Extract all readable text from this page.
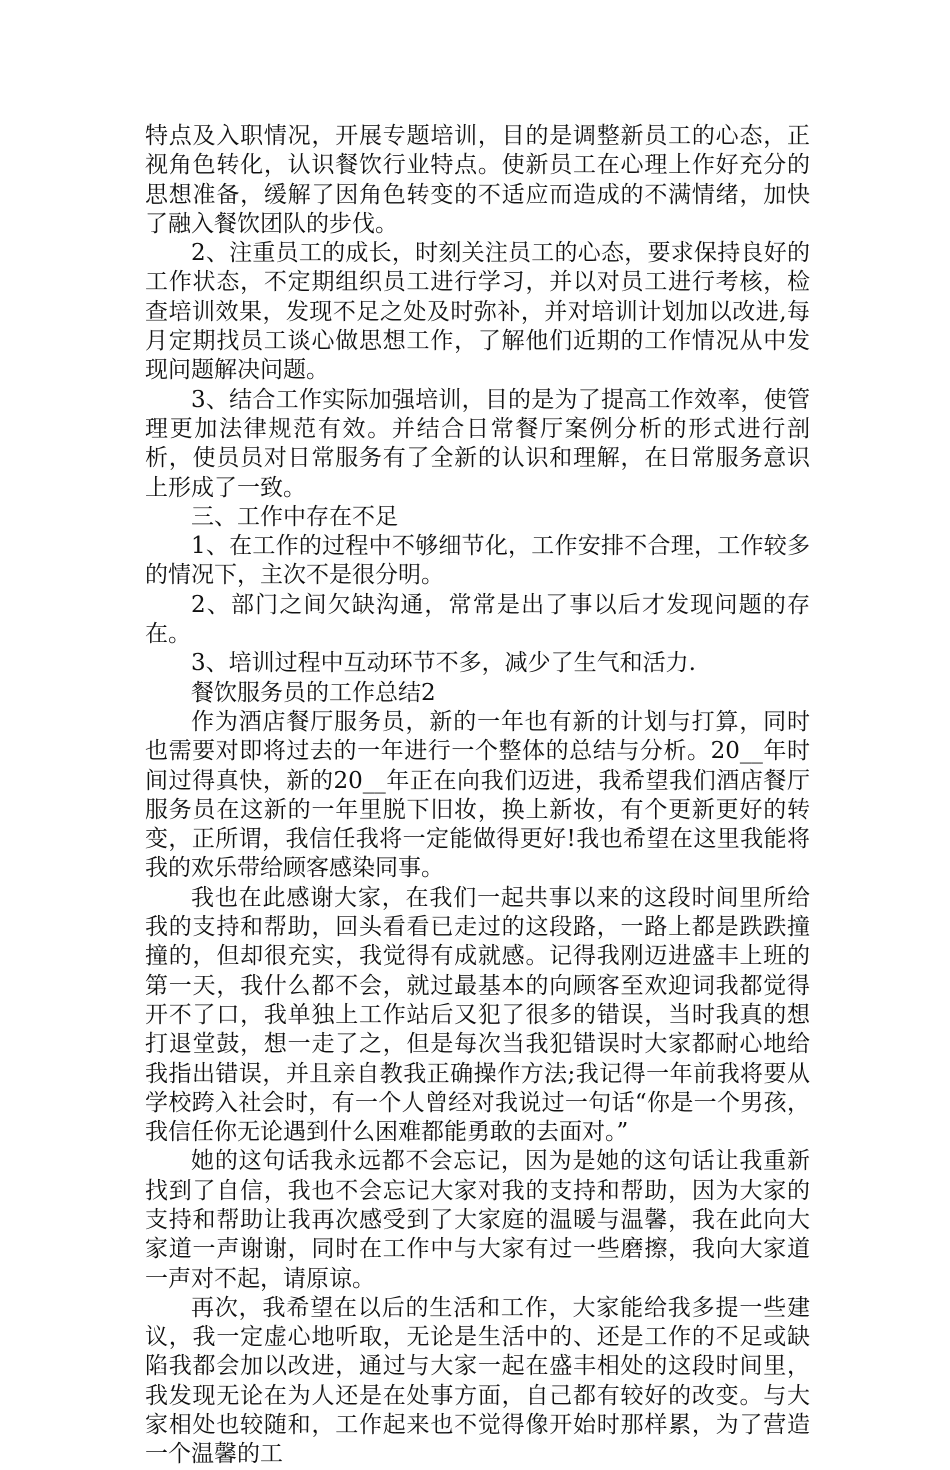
特点及入职情况，开展专题培训，目的是调整新员工的心态，正视角色转化，认识餐饮行业特点。使新员工在心理上作好充分的思想准备，缓解了因角色转变的不适应而造成的不满情绪，加快了融入餐饮团队的步伐。

2、注重员工的成长，时刻关注员工的心态，要求保持良好的工作状态，不定期组织员工进行学习，并以对员工进行考核，检查培训效果，发现不足之处及时弥补，并对培训计划加以改进,每月定期找员工谈心做思想工作，了解他们近期的工作情况从中发现问题解决问题。

3、结合工作实际加强培训，目的是为了提高工作效率，使管理更加法律规范有效。并结合日常餐厅案例分析的形式进行剖析，使员员对日常服务有了全新的认识和理解，在日常服务意识上形成了一致。

三、工作中存在不足

1、在工作的过程中不够细节化，工作安排不合理，工作较多的情况下，主次不是很分明。

2、部门之间欠缺沟通，常常是出了事以后才发现问题的存在。

3、培训过程中互动环节不多，减少了生气和活力.

餐饮服务员的工作总结2

作为酒店餐厅服务员，新的一年也有新的计划与打算，同时也需要对即将过去的一年进行一个整体的总结与分析。20__年时间过得真快，新的20__年正在向我们迈进，我希望我们酒店餐厅服务员在这新的一年里脱下旧妆，换上新妆，有个更新更好的转变，正所谓，我信任我将一定能做得更好!我也希望在这里我能将我的欢乐带给顾客感染同事。

我也在此感谢大家，在我们一起共事以来的这段时间里所给我的支持和帮助，回头看看已走过的这段路，一路上都是跌跌撞撞的，但却很充实，我觉得有成就感。记得我刚迈进盛丰上班的第一天，我什么都不会，就过最基本的向顾客至欢迎词我都觉得开不了口，我单独上工作站后又犯了很多的错误，当时我真的想打退堂鼓，想一走了之，但是每次当我犯错误时大家都耐心地给我指出错误，并且亲自教我正确操作方法;我记得一年前我将要从学校跨入社会时，有一个人曾经对我说过一句话“你是一个男孩，我信任你无论遇到什么困难都能勇敢的去面对。”

她的这句话我永远都不会忘记，因为是她的这句话让我重新找到了自信，我也不会忘记大家对我的支持和帮助，因为大家的支持和帮助让我再次感受到了大家庭的温暖与温馨，我在此向大家道一声谢谢，同时在工作中与大家有过一些磨擦，我向大家道一声对不起，请原谅。

再次，我希望在以后的生活和工作，大家能给我多提一些建议，我一定虚心地听取，无论是生活中的、还是工作的不足或缺陷我都会加以改进，通过与大家一起在盛丰相处的这段时间里，我发现无论在为人还是在处事方面，自己都有较好的改变。与大家相处也较随和，工作起来也不觉得像开始时那样累，为了营造一个温馨的工
